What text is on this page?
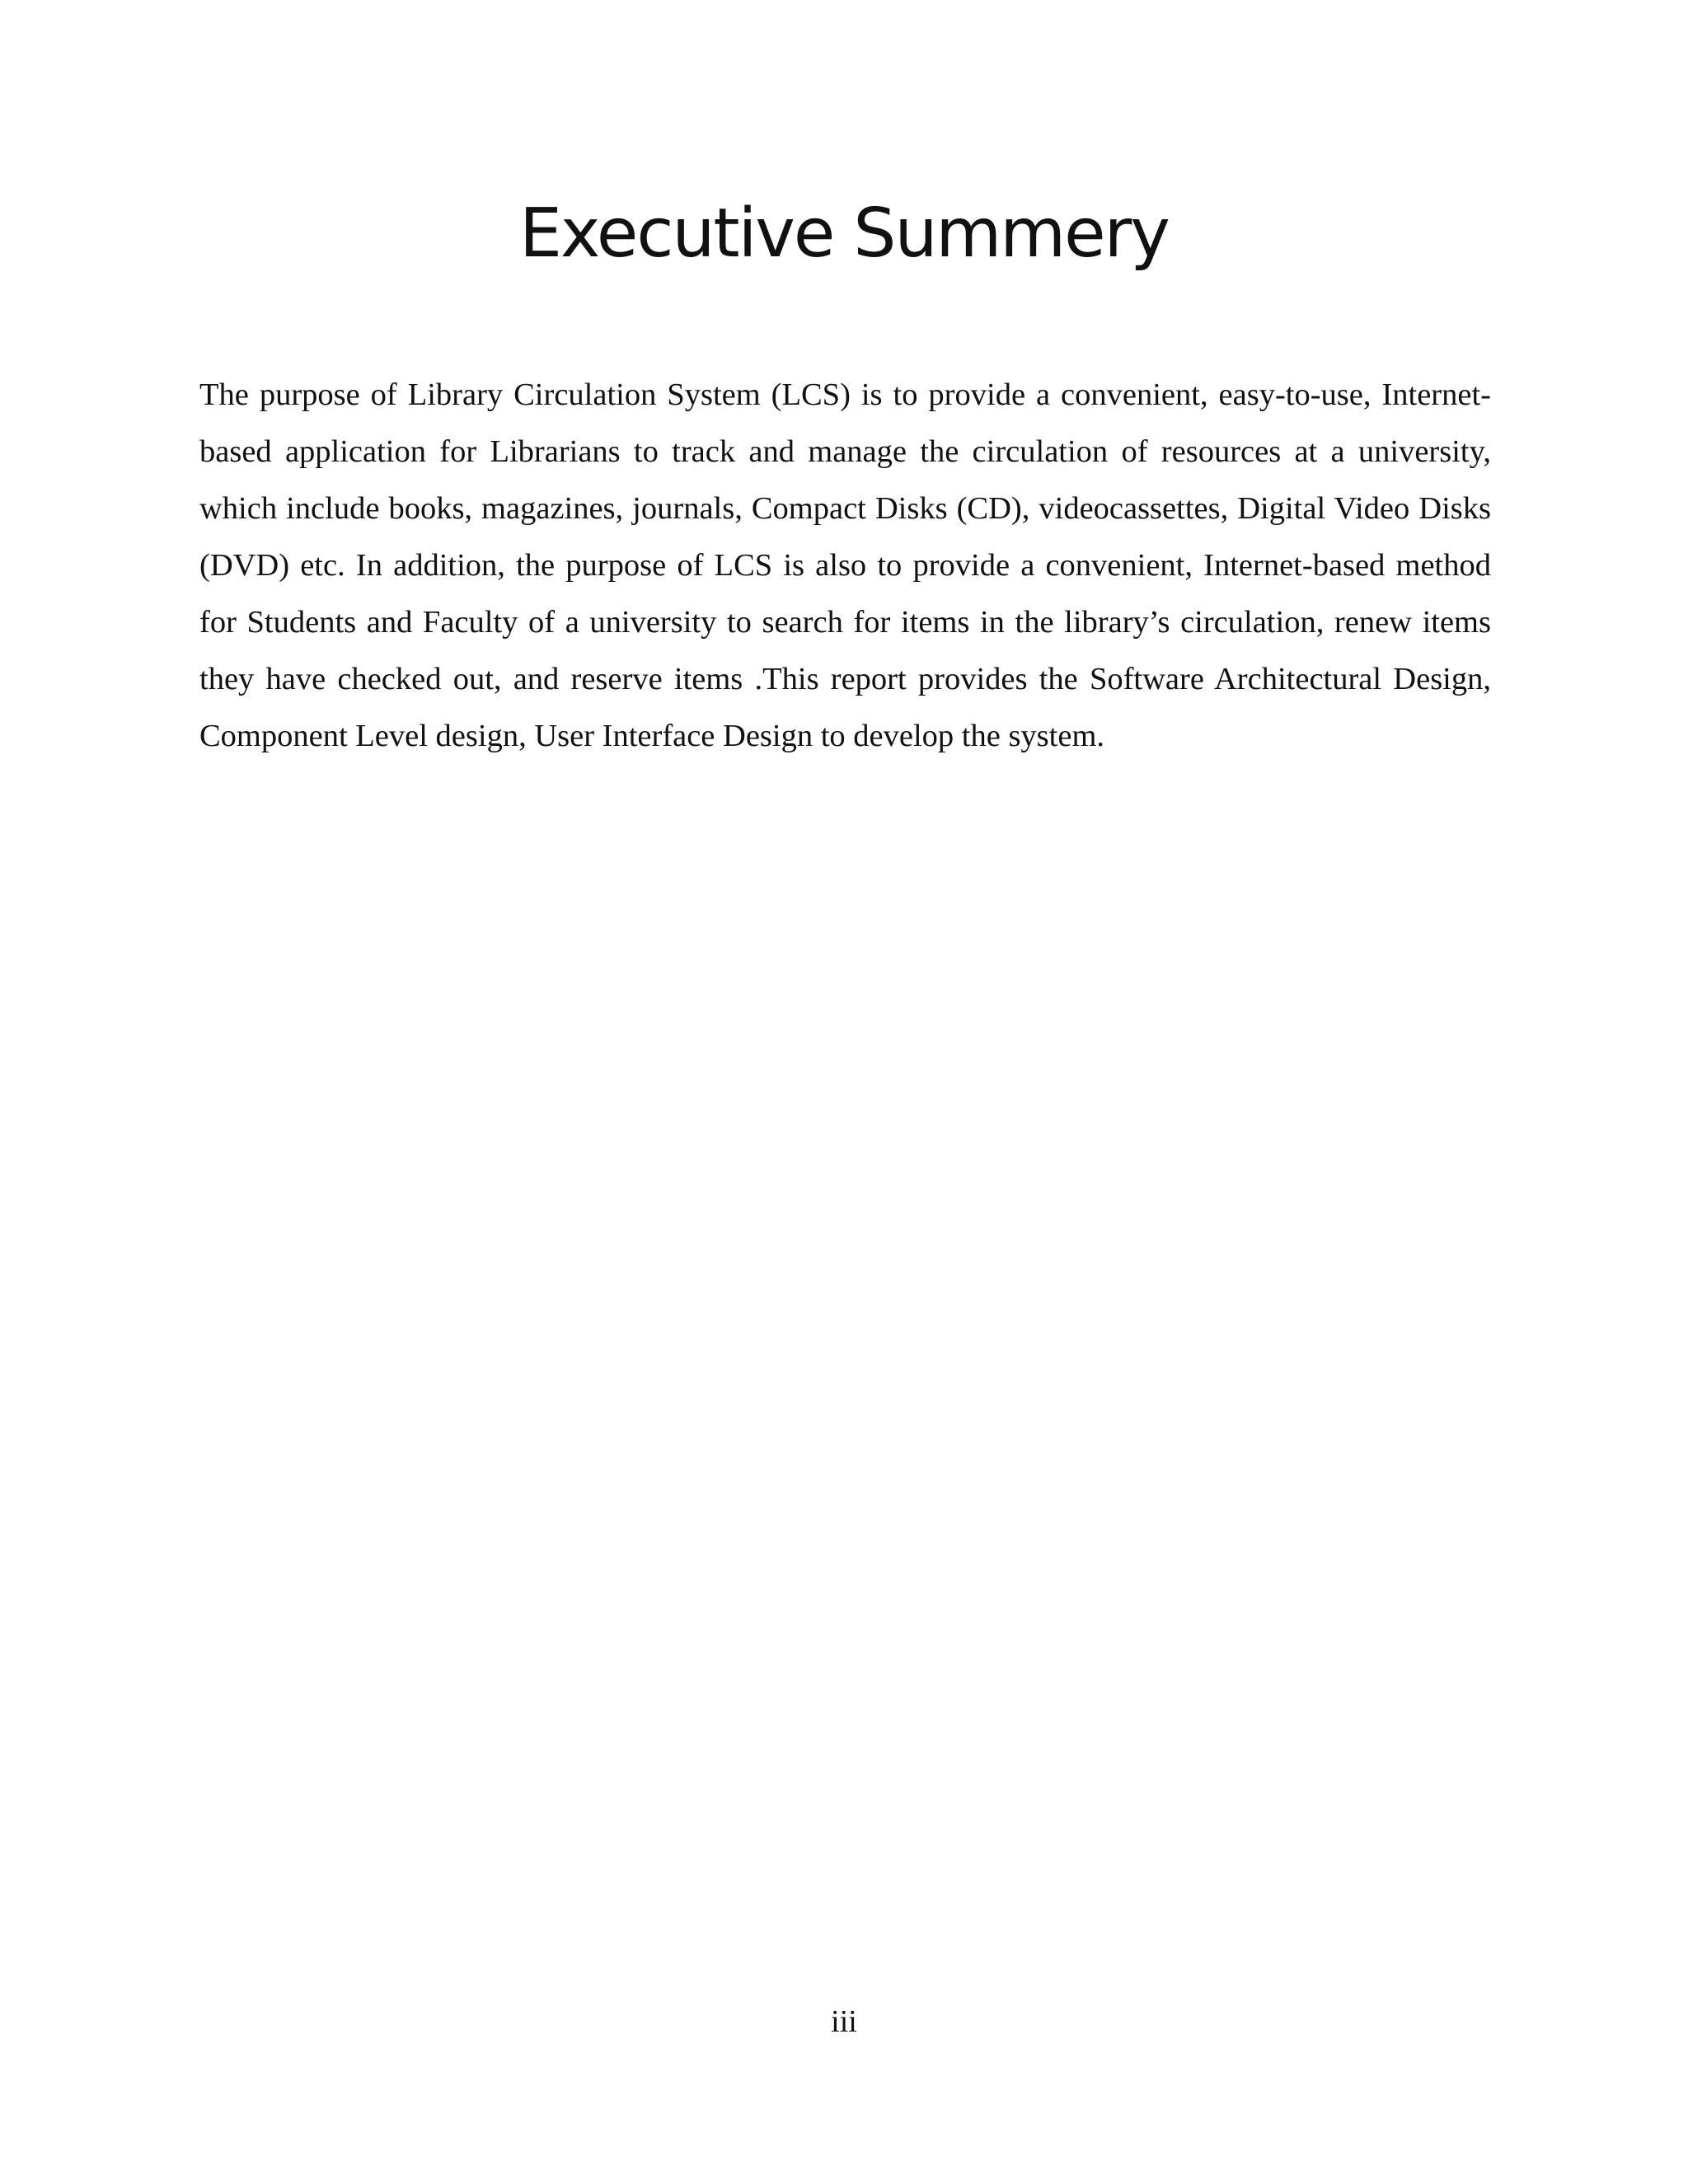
Executive Summery

The purpose of Library Circulation System (LCS) is to provide a convenient, easy-to-use, Internet-based application for Librarians to track and manage the circulation of resources at a university, which include books, magazines, journals, Compact Disks (CD), videocassettes, Digital Video Disks (DVD) etc. In addition, the purpose of LCS is also to provide a convenient, Internet-based method for Students and Faculty of a university to search for items in the library’s circulation, renew items they have checked out, and reserve items .This report provides the Software Architectural Design, Component Level design, User Interface Design to develop the system.

iii
